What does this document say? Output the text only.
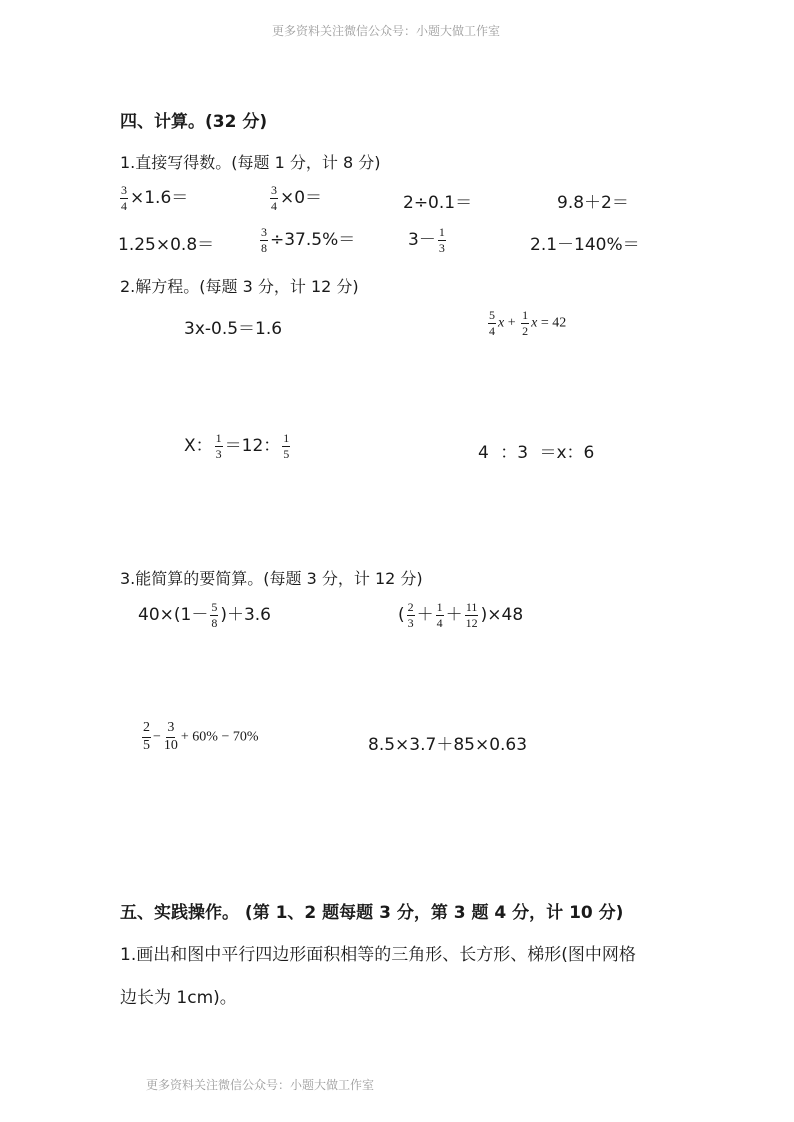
更多资料关注微信公众号：小题大做工作室
四、计算。(32 分)
1.直接写得数。(每题 1 分，计 8 分)
$\frac{3}{4} \times 1.6=$	$\frac{3}{4} \times 0=$	2÷0.1＝	9.8＋2＝
1.25×0.8＝	$\frac{3}{8} \div 37.5\%=$	$3- \frac{1}{3}$	2.1－140%＝
2.解方程。(每题 3 分，计 12 分)
3x-0.5＝1.6	$\frac{5}{4}$ $x + \frac{1}{2}$ x = 42
X： $\frac{1}{3} =12$： $\frac{1}{5}$	4 ：3 ＝x：6
3.能简算的要简算。(每题 3 分，计 12 分)
$40\times(1- \frac{5}{8} )+3.6$	( $\frac{2}{3} + \frac{1}{4} + \frac{11}{12} )\times 48$
$\frac{2}{5} - \frac{3}{10} + 60\% - 70\%$	8.5×3.7＋85×0.63
五、实践操作。 (第 1、2 题每题 3 分，第 3 题 4 分，计 10 分)
1.画出和图中平行四边形面积相等的三角形、长方形、梯形(图中网格
边长为 1cm)。
更多资料关注微信公众号：小题大做工作室
